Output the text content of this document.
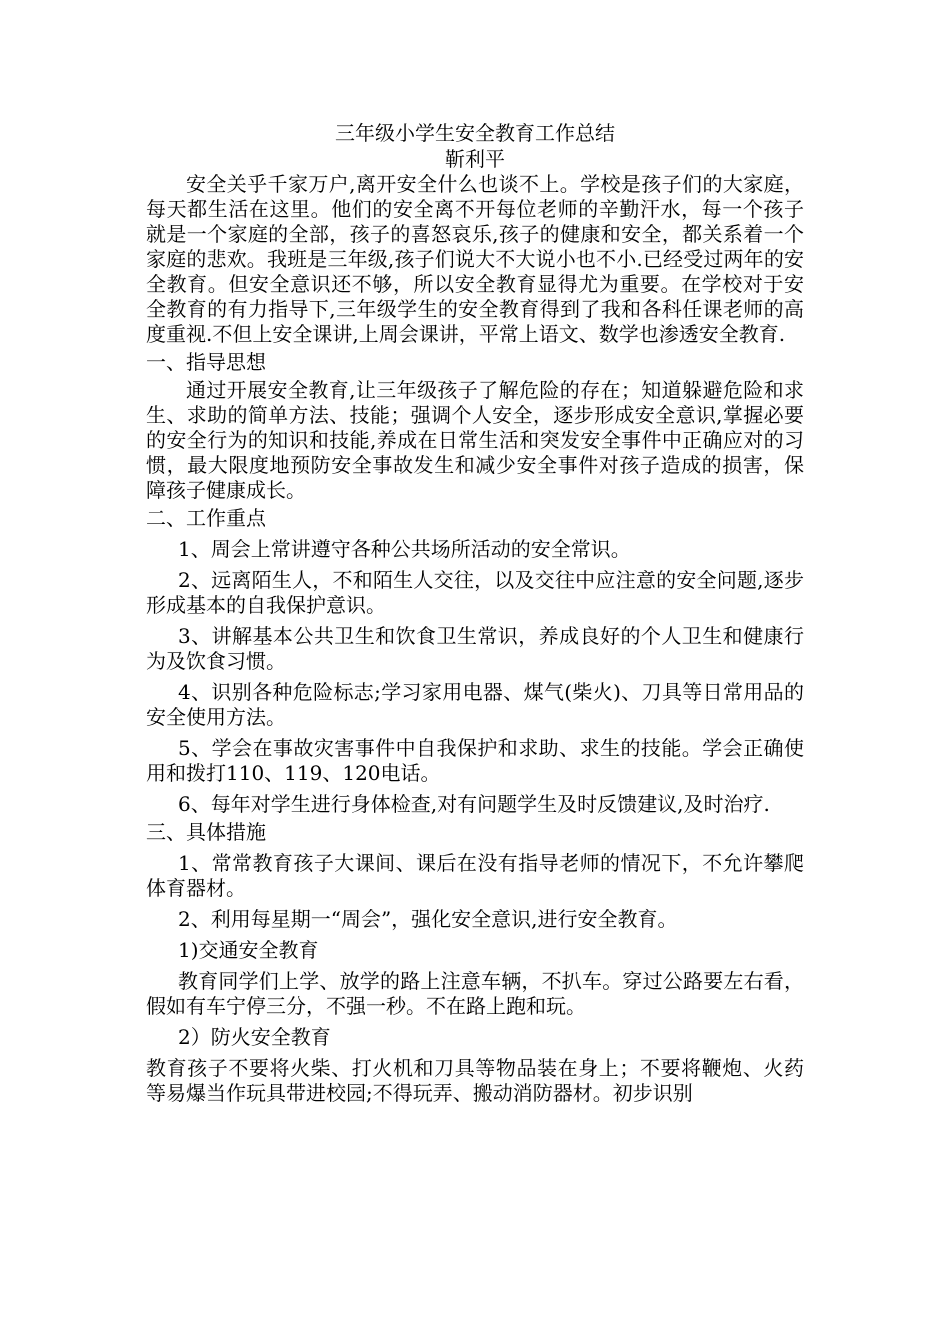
三年级小学生安全教育工作总结

靳利平

安全关乎千家万户,离开安全什么也谈不上。学校是孩子们的大家庭，每天都生活在这里。他们的安全离不开每位老师的辛勤汗水，每一个孩子就是一个家庭的全部，孩子的喜怒哀乐,孩子的健康和安全，都关系着一个家庭的悲欢。我班是三年级,孩子们说大不大说小也不小.已经受过两年的安全教育。但安全意识还不够，所以安全教育显得尤为重要。在学校对于安全教育的有力指导下,三年级学生的安全教育得到了我和各科任课老师的高度重视.不但上安全课讲,上周会课讲，平常上语文、数学也渗透安全教育.

一、指导思想

通过开展安全教育,让三年级孩子了解危险的存在；知道躲避危险和求生、求助的简单方法、技能；强调个人安全，逐步形成安全意识,掌握必要的安全行为的知识和技能,养成在日常生活和突发安全事件中正确应对的习惯，最大限度地预防安全事故发生和减少安全事件对孩子造成的损害，保障孩子健康成长。

二、工作重点

1、周会上常讲遵守各种公共场所活动的安全常识。

2、远离陌生人，不和陌生人交往，以及交往中应注意的安全问题,逐步形成基本的自我保护意识。

3、讲解基本公共卫生和饮食卫生常识，养成良好的个人卫生和健康行为及饮食习惯。

4、识别各种危险标志;学习家用电器、煤气(柴火)、刀具等日常用品的安全使用方法。

5、学会在事故灾害事件中自我保护和求助、求生的技能。学会正确使用和拨打110、119、120电话。

6、每年对学生进行身体检查,对有问题学生及时反馈建议,及时治疗.

三、具体措施

1、常常教育孩子大课间、课后在没有指导老师的情况下，不允许攀爬体育器材。

2、利用每星期一“周会”，强化安全意识,进行安全教育。

1)交通安全教育

教育同学们上学、放学的路上注意车辆，不扒车。穿过公路要左右看，假如有车宁停三分，不强一秒。不在路上跑和玩。

2）防火安全教育

教育孩子不要将火柴、打火机和刀具等物品装在身上；不要将鞭炮、火药等易爆当作玩具带进校园;不得玩弄、搬动消防器材。初步识别
